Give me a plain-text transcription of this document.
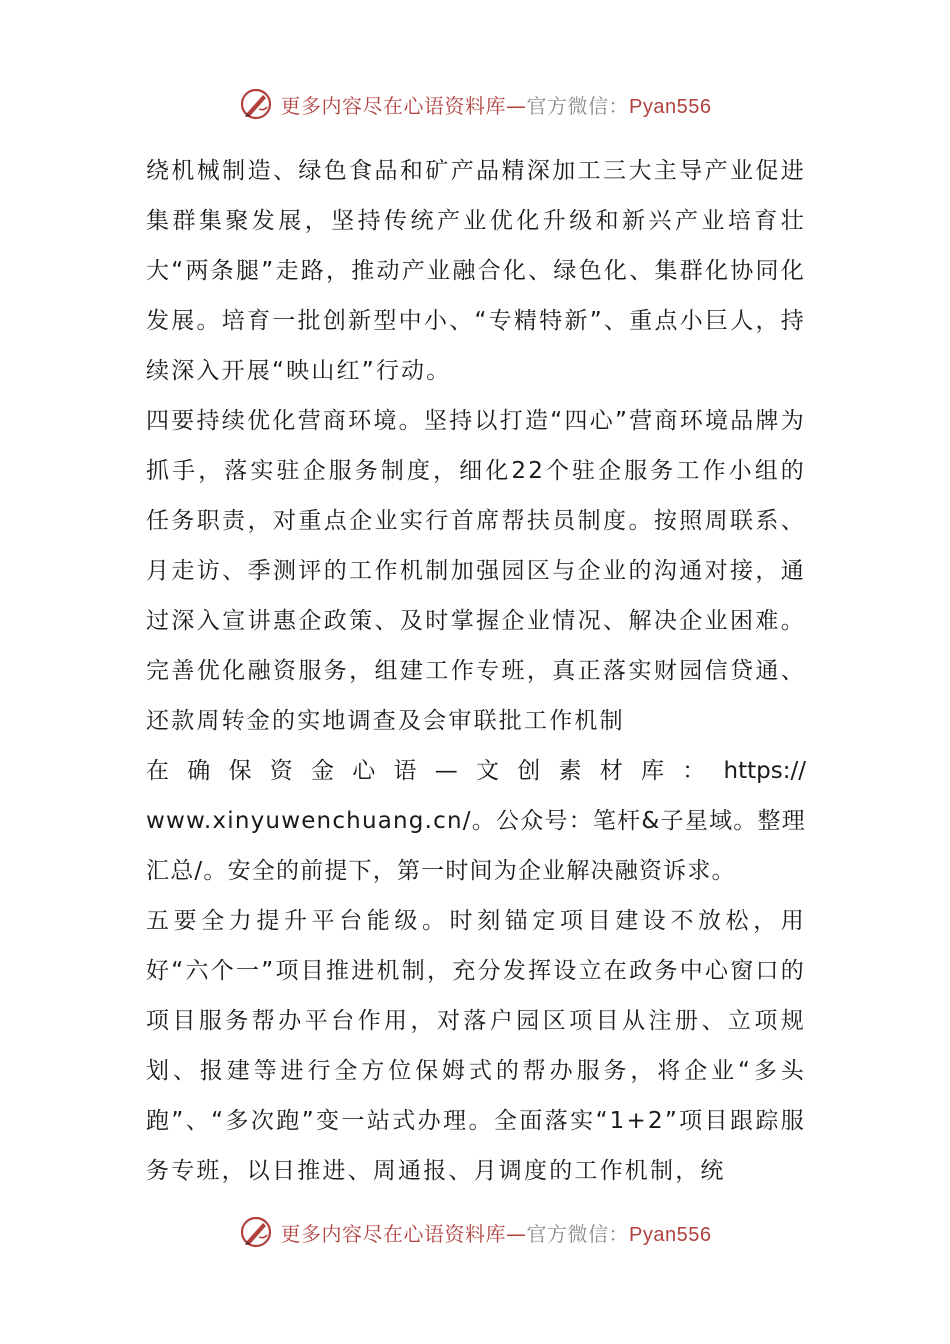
更多内容尽在心语资料库—官方微信：Pyan556

绕机械制造、绿色食品和矿产品精深加工三大主导产业促进集群集聚发展，坚持传统产业优化升级和新兴产业培育壮大“两条腿”走路，推动产业融合化、绿色化、集群化协同化发展。培育一批创新型中小、“专精特新”、重点小巨人，持续深入开展“映山红”行动。

四要持续优化营商环境。坚持以打造“四心”营商环境品牌为抓手，落实驻企服务制度，细化22个驻企服务工作小组的任务职责，对重点企业实行首席帮扶员制度。按照周联系、月走访、季测评的工作机制加强园区与企业的沟通对接，通过深入宣讲惠企政策、及时掌握企业情况、解决企业困难。完善优化融资服务，组建工作专班，真正落实财园信贷通、还款周转金的实地调查及会审联批工作机制

在 确 保 资 金 心 语 — 文 创 素 材 库 ： https://

www.xinyuwenchuang.cn/。公众号：笔杆&子星域。整理汇总/。安全的前提下，第一时间为企业解决融资诉求。

五要全力提升平台能级。时刻锚定项目建设不放松，用好“六个一”项目推进机制，充分发挥设立在政务中心窗口的项目服务帮办平台作用，对落户园区项目从注册、立项规划、报建等进行全方位保姆式的帮办服务，将企业“多头跑”、“多次跑”变一站式办理。全面落实“1+2”项目跟踪服务专班，以日推进、周通报、月调度的工作机制，统

更多内容尽在心语资料库—官方微信：Pyan556
